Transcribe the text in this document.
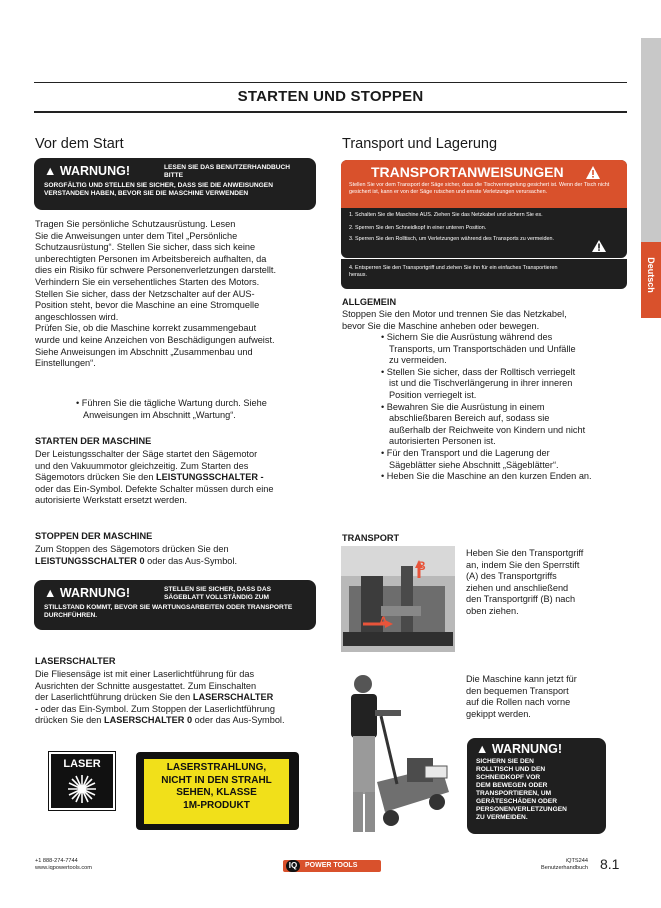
Deutsch
STARTEN UND STOPPEN
Vor dem Start
▲ WARNUNG!	LESEN SIE DAS BENUTZERHANDBUCH BITTE
SORGFÄLTIG UND STELLEN SIE SICHER, DASS SIE DIE ANWEISUNGEN VERSTANDEN HABEN, BEVOR SIE DIE MASCHINE VERWENDEN
Tragen Sie persönliche Schutzausrüstung. Lesen
Sie die Anweisungen unter dem Titel „Persönliche
Schutzausrüstung“. Stellen Sie sicher, dass sich keine
unberechtigten Personen im Arbeitsbereich aufhalten, da
dies ein Risiko für schwere Personenverletzungen darstellt.
Verhindern Sie ein versehentliches Starten des Motors.
Stellen Sie sicher, dass der Netzschalter auf der AUS-
Position steht, bevor die Maschine an eine Stromquelle
angeschlossen wird.
Prüfen Sie, ob die Maschine korrekt zusammengebaut
wurde und keine Anzeichen von Beschädigungen aufweist.
Siehe Anweisungen im Abschnitt „Zusammenbau und
Einstellungen“.
• Führen Sie die tägliche Wartung durch. Siehe
Anweisungen im Abschnitt „Wartung“.
STARTEN DER MASCHINE
Der Leistungsschalter der Säge startet den Sägemotor
und den Vakuummotor gleichzeitig. Zum Starten des
Sägemotors drücken Sie den LEISTUNGSSCHALTER -
oder das Ein-Symbol. Defekte Schalter müssen durch eine
autorisierte Werkstatt ersetzt werden.
STOPPEN DER MASCHINE
Zum Stoppen des Sägemotors drücken Sie den
LEISTUNGSSCHALTER 0 oder das Aus-Symbol.
▲ WARNUNG!	STELLEN SIE SICHER, DASS DAS SÄGEBLATT VOLLSTÄNDIG ZUM
STILLSTAND KOMMT, BEVOR SIE WARTUNGSARBEITEN ODER TRANSPORTE DURCHFÜHREN.
LASERSCHALTER
Die Fliesensäge ist mit einer Laserlichtführung für das
Ausrichten der Schnitte ausgestattet. Zum Einschalten
der Laserlichtführung drücken Sie den LASERSCHALTER
- oder das Ein-Symbol. Zum Stoppen der Laserlichtführung
drücken Sie den LASERSCHALTER 0 oder das Aus-Symbol.
LASER	LASERSTRAHLUNG,
NICHT IN DEN STRAHL
SEHEN, KLASSE
1M-PRODUKT
Transport und Lagerung
TRANSPORTANWEISUNGEN
Stellen Sie vor dem Transport der Säge sicher, dass die Tischverriegelung gesichert ist. Wenn der Tisch nicht gesichert ist, kann er von der Säge rutschen und ernste Verletzungen verursachen.
1. Schalten Sie die Maschine AUS. Ziehen Sie das Netzkabel und sichern Sie es.
2. Sperren Sie den Schneidkopf in einer unteren Position.
3. Sperren Sie den Rolltisch, um Verletzungen während des Transports zu vermeiden.
4. Entsperren Sie den Transportgriff und ziehen Sie ihn für ein einfaches Transportieren heraus.
ALLGEMEIN
Stoppen Sie den Motor und trennen Sie das Netzkabel,
bevor Sie die Maschine anheben oder bewegen.
• Sichern Sie die Ausrüstung während des
Transports, um Transportschäden und Unfälle
zu vermeiden.
• Stellen Sie sicher, dass der Rolltisch verriegelt
ist und die Tischverlängerung in ihrer inneren
Position verriegelt ist.
• Bewahren Sie die Ausrüstung in einem
abschließbaren Bereich auf, sodass sie
außerhalb der Reichweite von Kindern und nicht
autorisierten Personen ist.
• Für den Transport und die Lagerung der
Sägeblätter siehe Abschnitt „Sägeblätter“.
• Heben Sie die Maschine an den kurzen Enden an.
TRANSPORT
B
A
Heben Sie den Transportgriff
an, indem Sie den Sperrstift
(A) des Transportgriffs
ziehen und anschließend
den Transportgriff (B) nach
oben ziehen.
Die Maschine kann jetzt für
den bequemen Transport
auf die Rollen nach vorne
gekippt werden.
▲ WARNUNG!
SICHERN SIE DEN
ROLLTISCH UND DEN
SCHNEIDKOPF VOR
DEM BEWEGEN ODER
TRANSPORTIEREN, UM
GERÄTESCHÄDEN ODER
PERSONENVERLETZUNGEN
ZU VERMEIDEN.
+1 888-274-7744
www.iqpowertools.com	IQ	POWER TOOLS
iQTS244
Benutzerhandbuch 8.1
